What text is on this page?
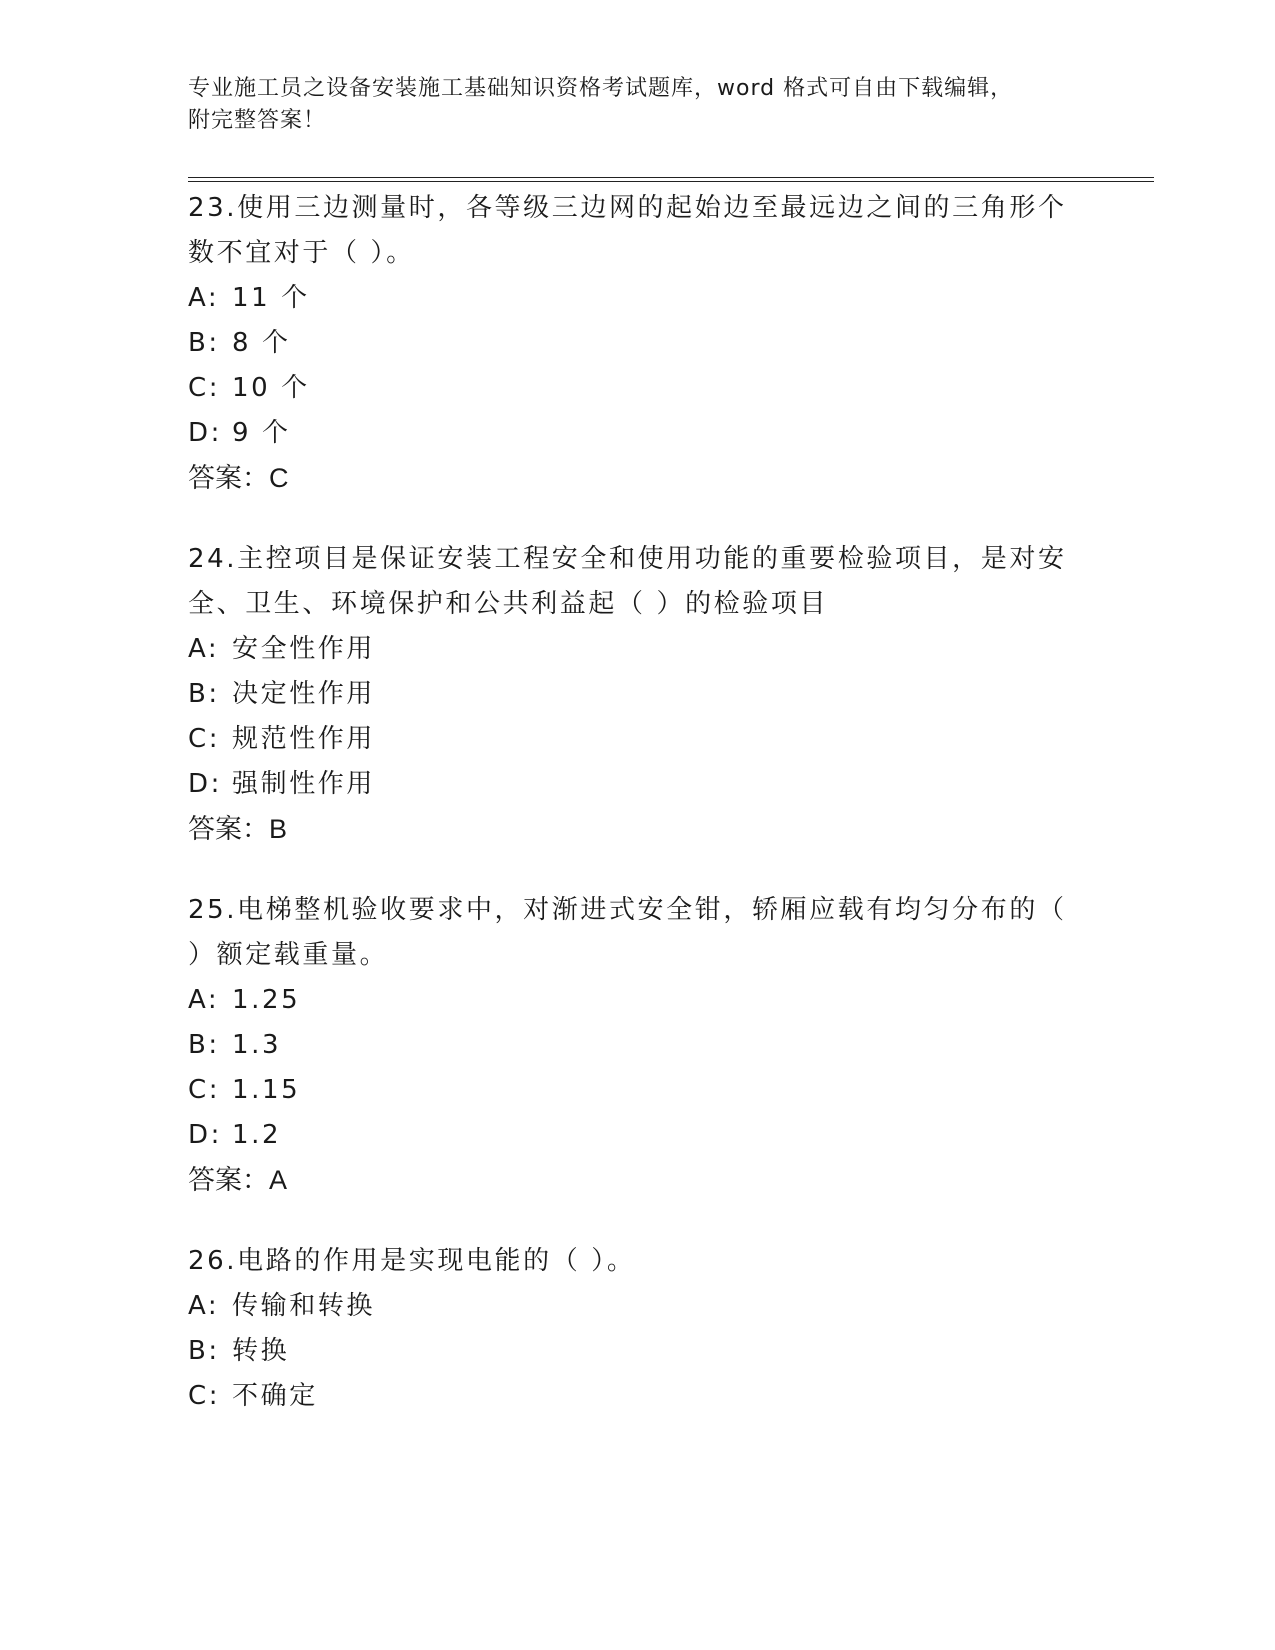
专业施工员之设备安装施工基础知识资格考试题库，word 格式可自由下载编辑，
附完整答案！

23.使用三边测量时，各等级三边网的起始边至最远边之间的三角形个
数不宜对于（ ）。

A: 11 个
B: 8 个
C: 10 个
D: 9 个
答案：C

24.主控项目是保证安装工程安全和使用功能的重要检验项目，是对安
全、卫生、环境保护和公共利益起（ ）的检验项目

A: 安全性作用
B: 决定性作用
C: 规范性作用
D: 强制性作用
答案：B

25.电梯整机验收要求中，对渐进式安全钳，轿厢应载有均匀分布的（
）额定载重量。

A: 1.25
B: 1.3
C: 1.15
D: 1.2
答案：A

26.电路的作用是实现电能的（ ）。

A: 传输和转换
B: 转换
C: 不确定
